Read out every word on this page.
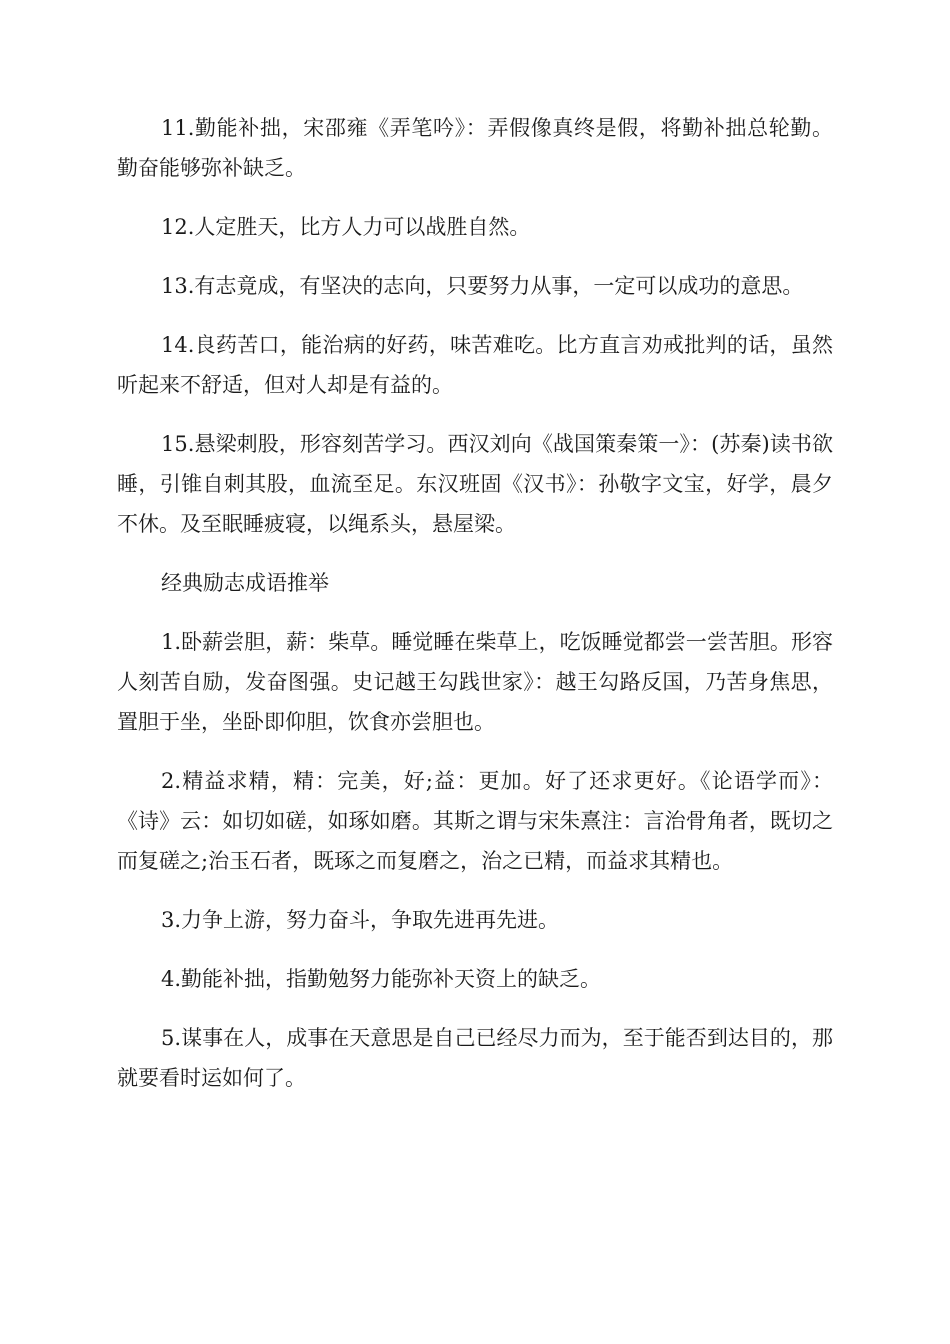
11.勤能补拙，宋邵雍《弄笔吟》：弄假像真终是假，将勤补拙总轮勤。勤奋能够弥补缺乏。

12.人定胜天，比方人力可以战胜自然。

13.有志竟成，有坚决的志向，只要努力从事，一定可以成功的意思。

14.良药苦口，能治病的好药，味苦难吃。比方直言劝戒批判的话，虽然听起来不舒适，但对人却是有益的。

15.悬梁刺股，形容刻苦学习。西汉刘向《战国策秦策一》：(苏秦)读书欲睡，引锥自刺其股，血流至足。东汉班固《汉书》：孙敬字文宝，好学，晨夕不休。及至眠睡疲寝，以绳系头，悬屋梁。

经典励志成语推举

1.卧薪尝胆，薪：柴草。睡觉睡在柴草上，吃饭睡觉都尝一尝苦胆。形容人刻苦自励，发奋图强。史记越王勾践世家》：越王勾路反国，乃苦身焦思，置胆于坐，坐卧即仰胆，饮食亦尝胆也。

2.精益求精，精：完美，好;益：更加。好了还求更好。《论语学而》：《诗》云：如切如磋，如琢如磨。其斯之谓与宋朱熹注：言治骨角者，既切之而复磋之;治玉石者，既琢之而复磨之，治之已精，而益求其精也。

3.力争上游，努力奋斗，争取先进再先进。

4.勤能补拙，指勤勉努力能弥补天资上的缺乏。

5.谋事在人，成事在天意思是自己已经尽力而为，至于能否到达目的，那就要看时运如何了。
